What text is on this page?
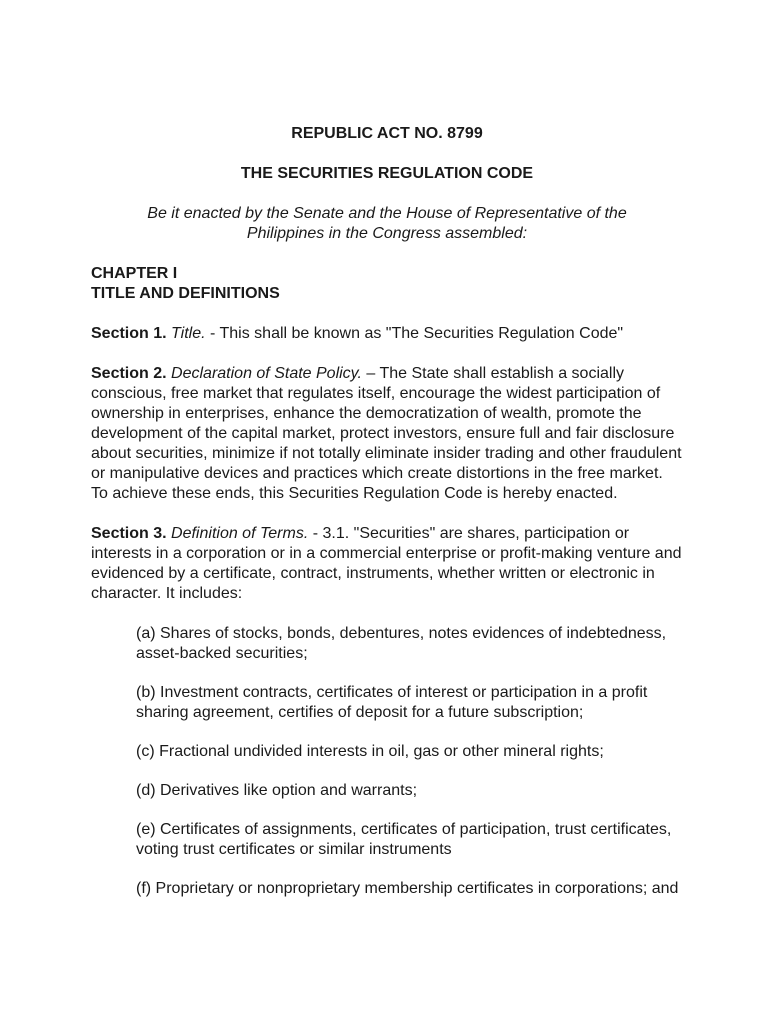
REPUBLIC ACT NO. 8799

THE SECURITIES REGULATION CODE

Be it enacted by the Senate and the House of Representative of the

Philippines in the Congress assembled:

CHAPTER I

TITLE AND DEFINITIONS

Section 1. Title. - This shall be known as "The Securities Regulation Code"

Section 2. Declaration of State Policy. – The State shall establish a socially conscious, free market that regulates itself, encourage the widest participation of ownership in enterprises, enhance the democratization of wealth, promote the development of the capital market, protect investors, ensure full and fair disclosure about securities, minimize if not totally eliminate insider trading and other fraudulent or manipulative devices and practices which create distortions in the free market. To achieve these ends, this Securities Regulation Code is hereby enacted.

Section 3. Definition of Terms. - 3.1. "Securities" are shares, participation or interests in a corporation or in a commercial enterprise or profit-making venture and evidenced by a certificate, contract, instruments, whether written or electronic in character. It includes:

(a) Shares of stocks, bonds, debentures, notes evidences of indebtedness, asset-backed securities;

(b) Investment contracts, certificates of interest or participation in a profit sharing agreement, certifies of deposit for a future subscription;

(c) Fractional undivided interests in oil, gas or other mineral rights;

(d) Derivatives like option and warrants;

(e) Certificates of assignments, certificates of participation, trust certificates, voting trust certificates or similar instruments

(f) Proprietary or nonproprietary membership certificates in corporations; and
